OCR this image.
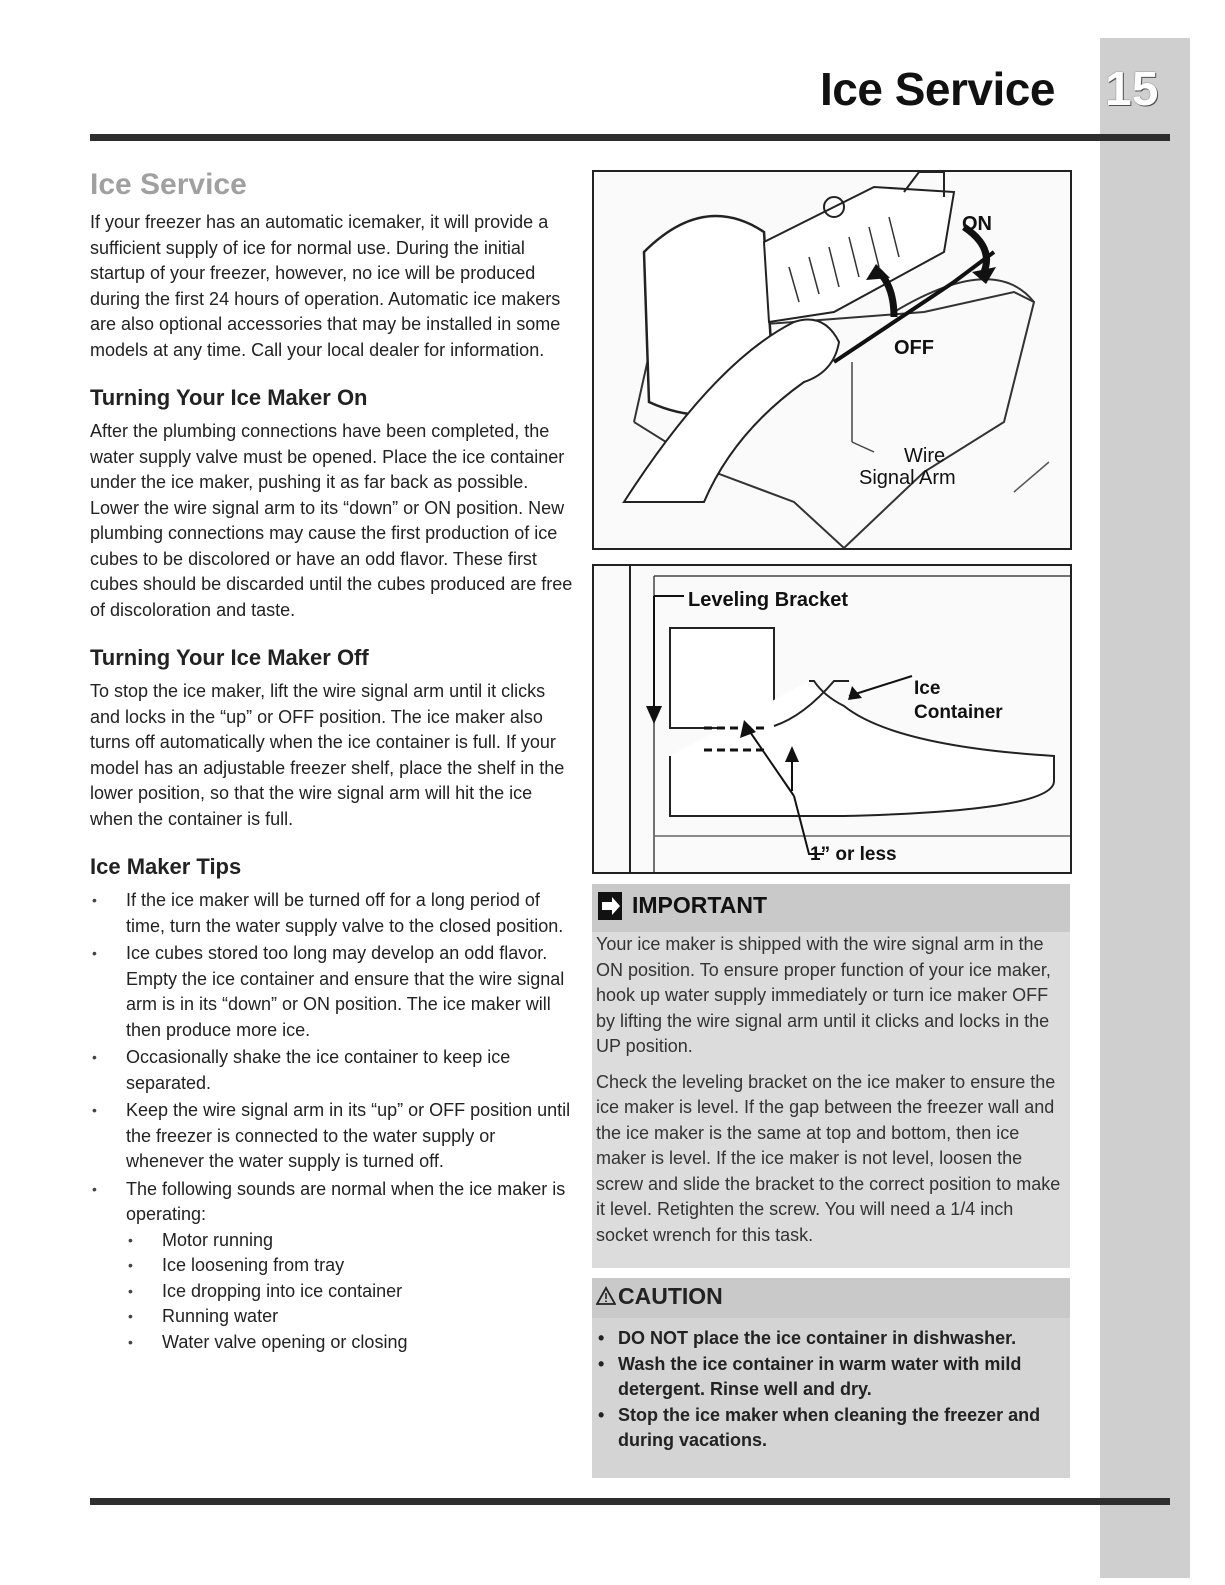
Ice Service 15
Ice Service

If your freezer has an automatic icemaker, it will provide a sufficient supply of ice for normal use. During the initial startup of your freezer, however, no ice will be produced during the first 24 hours of operation. Automatic ice makers are also optional accessories that may be installed in some models at any time. Call your local dealer for information.

Turning Your Ice Maker On

After the plumbing connections have been completed, the water supply valve must be opened. Place the ice container under the ice maker, pushing it as far back as possible. Lower the wire signal arm to its “down” or ON position. New plumbing connections may cause the first production of ice cubes to be discolored or have an odd flavor. These first cubes should be discarded until the cubes produced are free of discoloration and taste.

Turning Your Ice Maker Off

To stop the ice maker, lift the wire signal arm until it clicks and locks in the “up” or OFF position. The ice maker also turns off automatically when the ice container is full. If your model has an adjustable freezer shelf, place the shelf in the lower position, so that the wire signal arm will hit the ice when the container is full.

Ice Maker Tips
• If the ice maker will be turned off for a long period of time, turn the water supply valve to the closed position.
• Ice cubes stored too long may develop an odd flavor. Empty the ice container and ensure that the wire signal arm is in its “down” or ON position. The ice maker will then produce more ice.
• Occasionally shake the ice container to keep ice separated.
• Keep the wire signal arm in its “up” or OFF position until the freezer is connected to the water supply or whenever the water supply is turned off.
• The following sounds are normal when the ice maker is operating:
• Motor running
• Ice loosening from tray
• Ice dropping into ice container
• Running water
• Water valve opening or closing
ON
OFF
Wire
Signal Arm
Leveling Bracket
Ice
Container
1” or less
IMPORTANT

Your ice maker is shipped with the wire signal arm in the ON position. To ensure proper function of your ice maker, hook up water supply immediately or turn ice maker OFF by lifting the wire signal arm until it clicks and locks in the UP position.

Check the leveling bracket on the ice maker to ensure the ice maker is level. If the gap between the freezer wall and the ice maker is the same at top and bottom, then ice maker is level. If the ice maker is not level, loosen the screw and slide the bracket to the correct position to make it level. Retighten the screw. You will need a 1/4 inch socket wrench for this task.

CAUTION
• DO NOT place the ice container in dishwasher.
• Wash the ice container in warm water with mild detergent. Rinse well and dry.
• Stop the ice maker when cleaning the freezer and during vacations.
